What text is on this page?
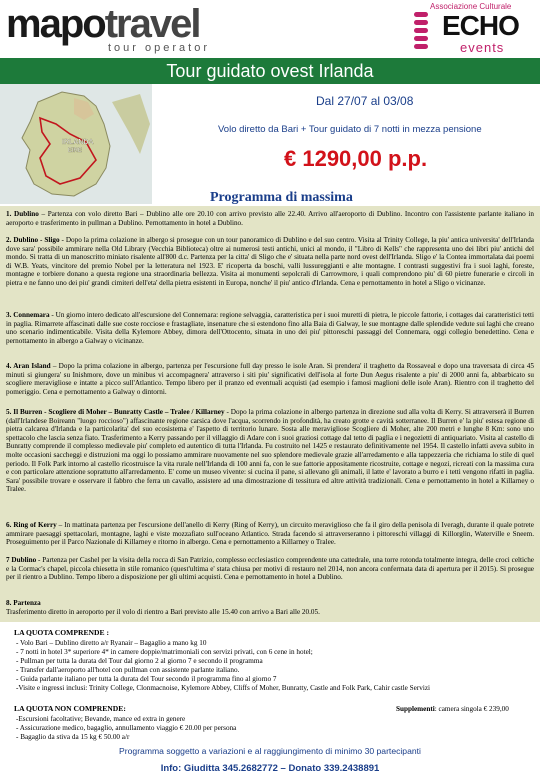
mapotravel
tour operator
Associazione Culturale
ECHO
events
Tour guidato ovest Irlanda
IRLANDA
EIRE
Dal 27/07 al 03/08
Volo diretto da Bari + Tour guidato di 7 notti in mezza pensione
€ 1290,00 p.p.
Programma di massima
1. Dublino – Partenza con volo diretto Bari – Dublino alle ore 20.10 con arrivo previsto alle 22.40. Arrivo all'aeroporto di Dublino. Incontro con l'assistente parlante italiano in aeroporto e trasferimento in pullman a Dublino. Pernottamento in hotel a Dublino.
2. Dublino - Sligo - Dopo la prima colazione in albergo si prosegue con un tour panoramico di Dublino e del suo centro. Visita al Trinity College, la piu' antica universita' dell'Irlanda dove sara' possibile ammirare nella Old Library (Vecchia Biblioteca) oltre ai numerosi testi antichi, unici al mondo, il "Libro di Kells" che rappresenta uno dei libri piu' antichi del mondo. Si tratta di un manoscritto miniato risalente all'800 d.c. Partenza per la citta' di Sligo che e' situata nella parte nord ovest dell'Irlanda. Sligo e' la Contea immortalata dai poemi di W.B. Yeats, vincitore del premio Nobel per la letteratura nel 1923. E' ricoperta da boschi, valli lussureggianti e alte montagne. I contrasti suggestivi fra i suoi laghi, foreste, montagne e torbiere donano a questa regione una straordinaria bellezza. Visita ai monumenti sepolcrali di Carrowmore, i quali comprendono piu' di 60 pietre funerarie e circoli in pietra e ne fanno uno dei piu' grandi cimiteri dell'eta' della pietra esistenti in Europa, nonche' il piu' antico d'Irlanda. Cena e pernottamento in hotel a Sligo o vicinanze.
3. Connemara - Un giorno intero dedicato all'escursione del Connemara: regione selvaggia, caratteristica per i suoi muretti di pietra, le piccole fattorie, i cottages dai caratteristici tetti in paglia. Rimarrete affascinati dalle sue coste rocciose e frastagliate, insenature che si estendono fino alla Baia di Galway, le sue montagne dalle splendide vedute sui laghi che creano uno scenario indimenticabile. Visita della Kylemore Abbey, dimora dell'Ottocento, situata in uno dei piu' pittoreschi passaggi del Connemara, oggi collegio benedettino. Cena e pernottamento in albergo a Galway o vicinanze.
4. Aran Island – Dopo la prima colazione in albergo, partenza per l'escursione full day presso le isole Aran. Si prendera' il traghetto da Rossaveal e dopo una traversata di circa 45 minuti si giungera' su Inishmore, dove un minibus vi accompagnera' attraverso i siti piu' significativi dell'isola al forte Dun Aegus risalente a piu' di 2000 anni fa, abbarbicato su scogliere meravigliose e intatte a picco sull'Atlantico. Tempo libero per il pranzo ed eventuali acquisti (ad esempio i famosi maglioni delle isole Aran). Rientro con il traghetto del pomeriggio. Cena e pernottamento a Galway o dintorni.
5. Il Burren - Scogliere di Moher – Bunratty Castle – Tralee / Killarney - Dopo la prima colazione in albergo partenza in direzione sud alla volta di Kerry. Si attraverserà il Burren (dall'Irlandese Boireann "luogo roccioso") affascinante regione carsica dove l'acqua, scorrendo in profondità, ha creato grotte e cavità sotterranee. Il Burren e' la piu' estesa regione di pietra calcarea d'Irlanda e la particolarita' del suo ecosistema e' l'aspetto di territorio lunare. Sosta alle meravigliose Scogliere di Moher, alte 200 metri e lunghe 8 Km: sono uno spettacolo che lascia senza fiato. Trasferimento a Kerry passando per il villaggio di Adare con i suoi graziosi cottage dal tetto di paglia e i negozietti di antiquariato. Visita al castello di Bunratty comprende il complesso medievale piu' completo ed autentico di tutta l'Irlanda. Fu costruito nel 1425 e restaurato definitivamente nel 1954. Il castello infatti aveva subito in molte occasioni saccheggi e distruzioni ma oggi lo possiamo ammirare nuovamente nel suo splendore medievale grazie all'arredamento e alla tappezzeria che richiama lo stile di quel periodo. Il Folk Park intorno al castello ricostruisce la vita rurale nell'Irlanda di 100 anni fa, con le sue fattorie appositamente ricostruite, cottage e negozi, ricreati con la massima cura e con particolare attenzione soprattutto all'arredamento. E' come un museo vivente: si cucina il pane, si allevano gli animali, il latte e' lavorato a burro e i tetti vengono rifatti in paglia. Sara' possibile trovare e osservare il fabbro che ferra un cavallo, assistere ad una dimostrazione di tessitura ed altre attività tradizionali. Cena e pernottamento in hotel a Killarney o Tralee.
6. Ring of Kerry – In mattinata partenza per l'escursione dell'anello di Kerry (Ring of Kerry), un circuito meraviglioso che fa il giro della penisola di Iveragh, durante il quale potrete ammirare paesaggi spettacolari, montagne, laghi e viste mozzafiato sull'oceano Atlantico. Strada facendo si attraverseranno i pittoreschi villaggi di Killorglin, Waterville e Sneem. Proseguimento per il Parco Nazionale di Killarney e ritorno in albergo. Cena e pernottamento a Killarney o Tralee.
7 Dublino - Partenza per Cashel per la visita della rocca di San Patrizio, complesso ecclesiastico comprendente una cattedrale, una torre rotonda totalmente integra, delle croci celtiche e la Cormac's chapel, piccola chiesetta in stile romanico (quest'ultima e' stata chiusa per motivi di restauro nel 2014, non ancora confermata data di apertura per il 2015). Si prosegue per il rientro a Dublino. Tempo libero a disposizione per gli ultimi acquisti. Cena e pernottamento in hotel a Dublino.
8. Partenza
Trasferimento diretto in aeroporto per il volo di rientro a Bari previsto alle 15.40 con arrivo a Bari alle 20.05.
LA QUOTA COMPRENDE :
- Volo Bari – Dublino diretto a/r Ryanair – Bagaglio a mano kg 10
- 7 notti in hotel 3* superiore 4* in camere doppie/matrimoniali con servizi privati, con 6 cene in hotel;
- Pullman per tutta la durata del Tour dal giorno 2 al giorno 7 e secondo il programma
- Transfer dall'aeroporto all'hotel con pullman con assistente parlante italiano.
- Guida parlante italiano per tutta la durata del Tour secondo il programma fino al giorno 7
-Visite e ingressi inclusi: Trinity College, Clonmacnoise, Kylemore Abbey, Cliffs of Moher, Bunratty, Castle and Folk Park, Cahir castle Servizi
LA QUOTA NON COMPRENDE:	Supplementi: camera singola € 239,00
-Escursioni facoltative; Bevande, mance ed extra in genere
- Assicurazione medico, bagaglio, annullamento viaggio € 20.00 per persona
- Bagaglio da stiva da 15 kg € 50.00 a/r
Programma soggetto a variazioni e al raggiungimento di minimo 30 partecipanti
Info: Giuditta 345.2682772 – Donato 339.2438891
